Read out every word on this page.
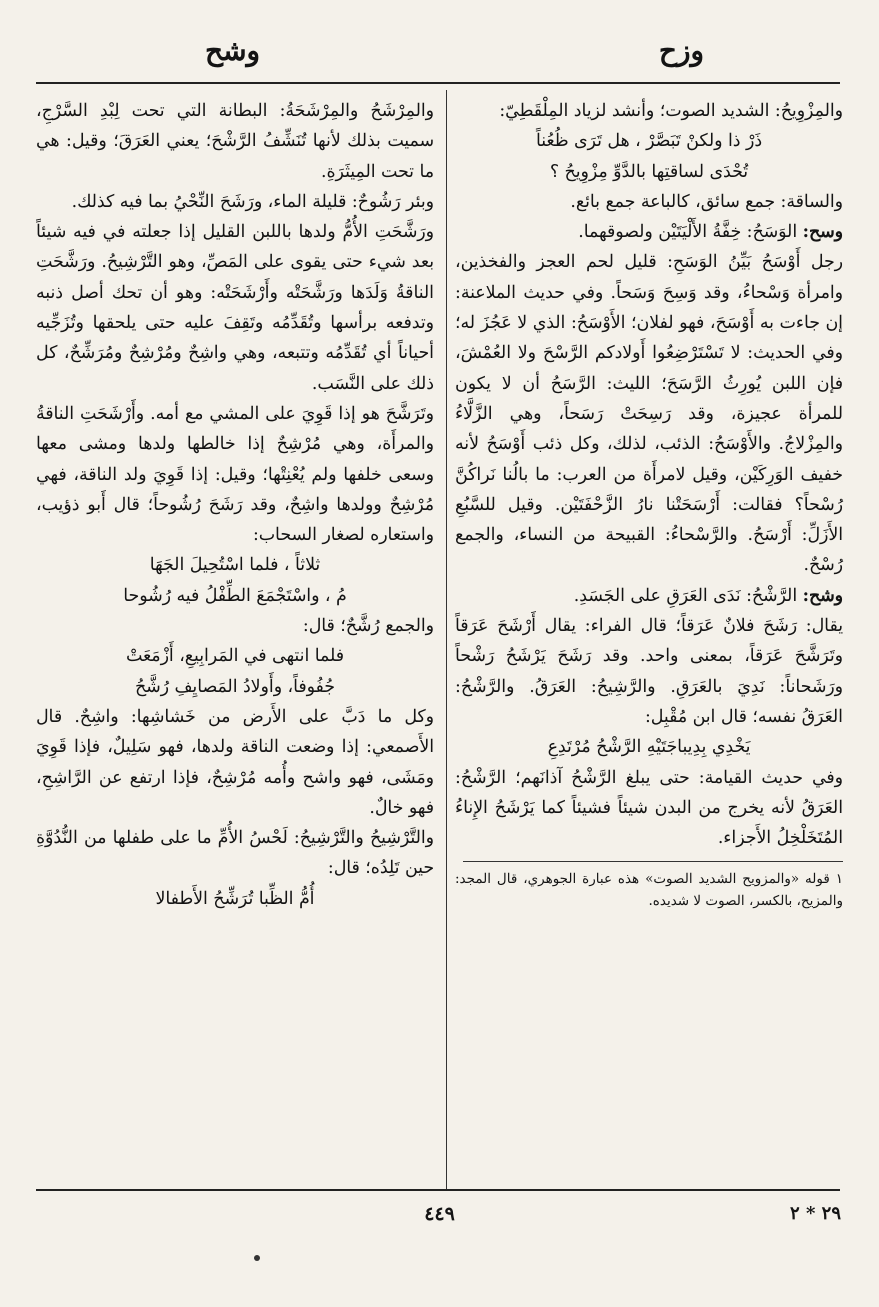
وزح
وشح

والمِزْوِيحُ: الشديد الصوت؛ وأنشد لزياد المِلْقَطِيّ:

ذَرْ ذا ولكنْ تَبَصَّرْ ، هل تَرَى ظُعُناً

تُحْدَى لساقتِها بالدَّوِّ مِزْوِيحُ ؟

والساقة: جمع سائق، كالباعة جمع بائع.

وسح: الوَسَحُ: خِفَّةُ الأَلْيَتَيْن ولصوقهما.

رجل أَوْسَحُ بَيِّنُ الوَسَحِ: قليل لحم العجز والفخذين، وامرأة وَسْحاءُ، وقد وَسِحَ وَسَحاً. وفي حديث الملاعنة: إن جاءت به أَوْسَحَ، فهو لفلان؛ الأَوْسَحُ: الذي لا عَجُزَ له؛ وفي الحديث: لا تَسْتَرْضِعُوا أَولادكم الرَّسْحَ ولا العُمْشَ، فإن اللبن يُورِثُ الرَّسَحَ؛ الليث: الرَّسَحُ أن لا يكون للمرأة عجيزة، وقد رَسِحَتْ رَسَحاً، وهي الزَّلَّاءُ والمِزْلاجُ. والأَوْسَحُ: الذئب، لذلك، وكل ذئب أَوْسَحُ لأنه خفيف الوَرِكَيْن، وقيل لامرأَة من العرب: ما بالُنا نَراكُنَّ رُسْحاً؟ فقالت: أَرْسَحَتْنا نارُ الزَّحْفَتَيْن. وقيل للسَّبُعِ الأَزَلِّ: أَرْسَحُ. والرَّسْحاءُ: القبيحة من النساء، والجمع رُسْحٌ.

وشح: الرَّشْحُ: نَدَى العَرَقِ على الجَسَدِ.

يقال: رَشَحَ فلانٌ عَرَقاً؛ قال الفراء: يقال أَرْشَحَ عَرَقاً وتَرَشَّحَ عَرَقاً، بمعنى واحد. وقد رَشَحَ يَرْشَحُ رَشْحاً ورَشَحاناً: نَدِيَ بالعَرَقِ. والرَّشِيحُ: العَرَقُ. والرَّشْحُ: العَرَقُ نفسه؛ قال ابن مُقْبِل:

يَخْدِي بِدِيباجَتَيْهِ الرَّشْحُ مُرْتَدِعِ

وفي حديث القيامة: حتى يبلغ الرَّشْحُ آذانَهم؛ الرَّشْحُ: العَرَقُ لأنه يخرج من البدن شيئاً فشيئاً كما يَرْشَحُ الإِناءُ المُتَخَلْخِلُ الأَجزاء.

١ قوله «والمزويح الشديد الصوت» هذه عبارة الجوهري، قال المجد: والمزيح، بالكسر، الصوت لا شديده.

والمِرْشَحُ والمِرْشَحَةُ: البطانة التي تحت لِبْدِ السَّرْجِ، سميت بذلك لأنها تُنَشِّفُ الرَّشْحَ؛ يعني العَرَقَ؛ وقيل: هي ما تحت المِيثَرَةِ.

وبئر رَشُوحٌ: قليلة الماء، ورَشَحَ النِّحْيُ بما فيه كذلك.

ورَشَّحَتِ الأُمُّ ولدها باللبن القليل إذا جعلته في فيه شيئاً بعد شيء حتى يقوى على المَصِّ، وهو التَّرْشِيحُ. ورَشَّحَتِ الناقةُ وَلَدَها ورَشَّحَتْه وأَرْشَحَتْه: وهو أن تحك أصل ذنبه وتدفعه برأسها وتُقَدِّمُه وتَقِفَ عليه حتى يلحقها وتُزَجِّيه أحياناً أي تُقَدِّمُه وتتبعه، وهي واشِحٌ ومُرْشِحٌ ومُرَشِّحٌ، كل ذلك على النَّسَب.

وتَرَشَّحَ هو إذا قَوِيَ على المشي مع أمه. وأَرْشَحَتِ الناقةُ والمرأَة، وهي مُرْشِحٌ إذا خالطها ولدها ومشى معها وسعى خلفها ولم يُعْنِتْها؛ وقيل: إذا قَوِيَ ولد الناقة، فهي مُرْشِحٌ وولدها واشِحٌ، وقد رَشَحَ رُشُوحاً؛ قال أَبو ذؤيب، واستعاره لصغار السحاب:

ثلاثاً ، فلما اسْتُحِيلَ الجَهَا

مُ ، واسْتَجْمَعَ الطِّفْلُ فيه رُشُوحا

والجمع رُشَّحٌ؛ قال:

فلما انتهى في المَرابِيعِ، أَزْمَعَتْ

جُفُوفاً، وأَولادُ المَصايِفِ رُشَّحُ

وكل ما دَبَّ على الأَرض من خَشاشِها: واشِحٌ. قال الأَصمعي: إذا وضعت الناقة ولدها، فهو سَلِيلٌ، فإذا قَوِيَ ومَشَى، فهو واشح وأُمه مُرْشِحٌ، فإذا ارتفع عن الرَّاشِحِ، فهو خالٌ.

والتَّرْشِيحُ والتَّرْشِيحُ: لَحْسُ الأُمِّ ما على طفلها من النُّدُوَّةِ حين تَلِدُه؛ قال:

أُمُّ الظِّبا تُرَشِّحُ الأَطفالا

٤٤٩	٢٩ * ٢
